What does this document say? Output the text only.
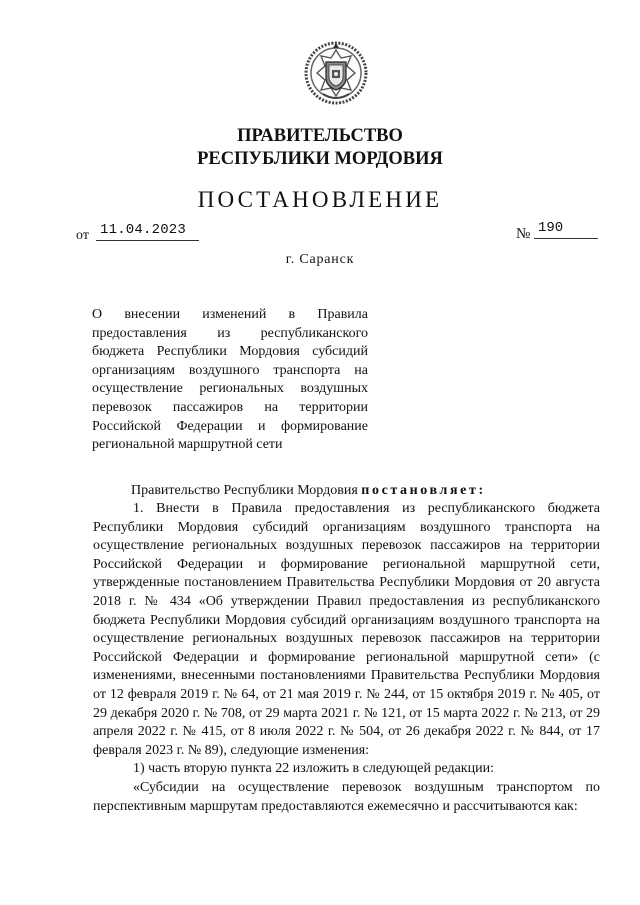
ПРАВИТЕЛЬСТВО
РЕСПУБЛИКИ МОРДОВИЯ
ПОСТАНОВЛЕНИЕ
от 11.04.2023	№ 190
г. Саранск
О внесении изменений в Правила предоставления из республиканского бюджета Республики Мордовия субсидий организациям воздушного транспорта на осуществление региональных воздушных перевозок пассажиров на территории Российской Федерации и формирование региональной маршрутной сети
Правительство Республики Мордовия постановляет:

1. Внести в Правила предоставления из республиканского бюджета Республики Мордовия субсидий организациям воздушного транспорта на осуществление региональных воздушных перевозок пассажиров на территории Российской Федерации и формирование региональной маршрутной сети, утвержденные постановлением Правительства Республики Мордовия от 20 августа 2018 г. № 434 «Об утверждении Правил предоставления из республиканского бюджета Республики Мордовия субсидий организациям воздушного транспорта на осуществление региональных воздушных перевозок пассажиров на территории Российской Федерации и формирование региональной маршрутной сети» (с изменениями, внесенными постановлениями Правительства Республики Мордовия от 12 февраля 2019 г. № 64, от 21 мая 2019 г. № 244, от 15 октября 2019 г. № 405, от 29 декабря 2020 г. № 708, от 29 марта 2021 г. № 121, от 15 марта 2022 г. № 213, от 29 апреля 2022 г. № 415, от 8 июля 2022 г. № 504, от 26 декабря 2022 г. № 844, от 17 февраля 2023 г. № 89), следующие изменения:

1) часть вторую пункта 22 изложить в следующей редакции:

«Субсидии на осуществление перевозок воздушным транспортом по перспективным маршрутам предоставляются ежемесячно и рассчитываются как:
